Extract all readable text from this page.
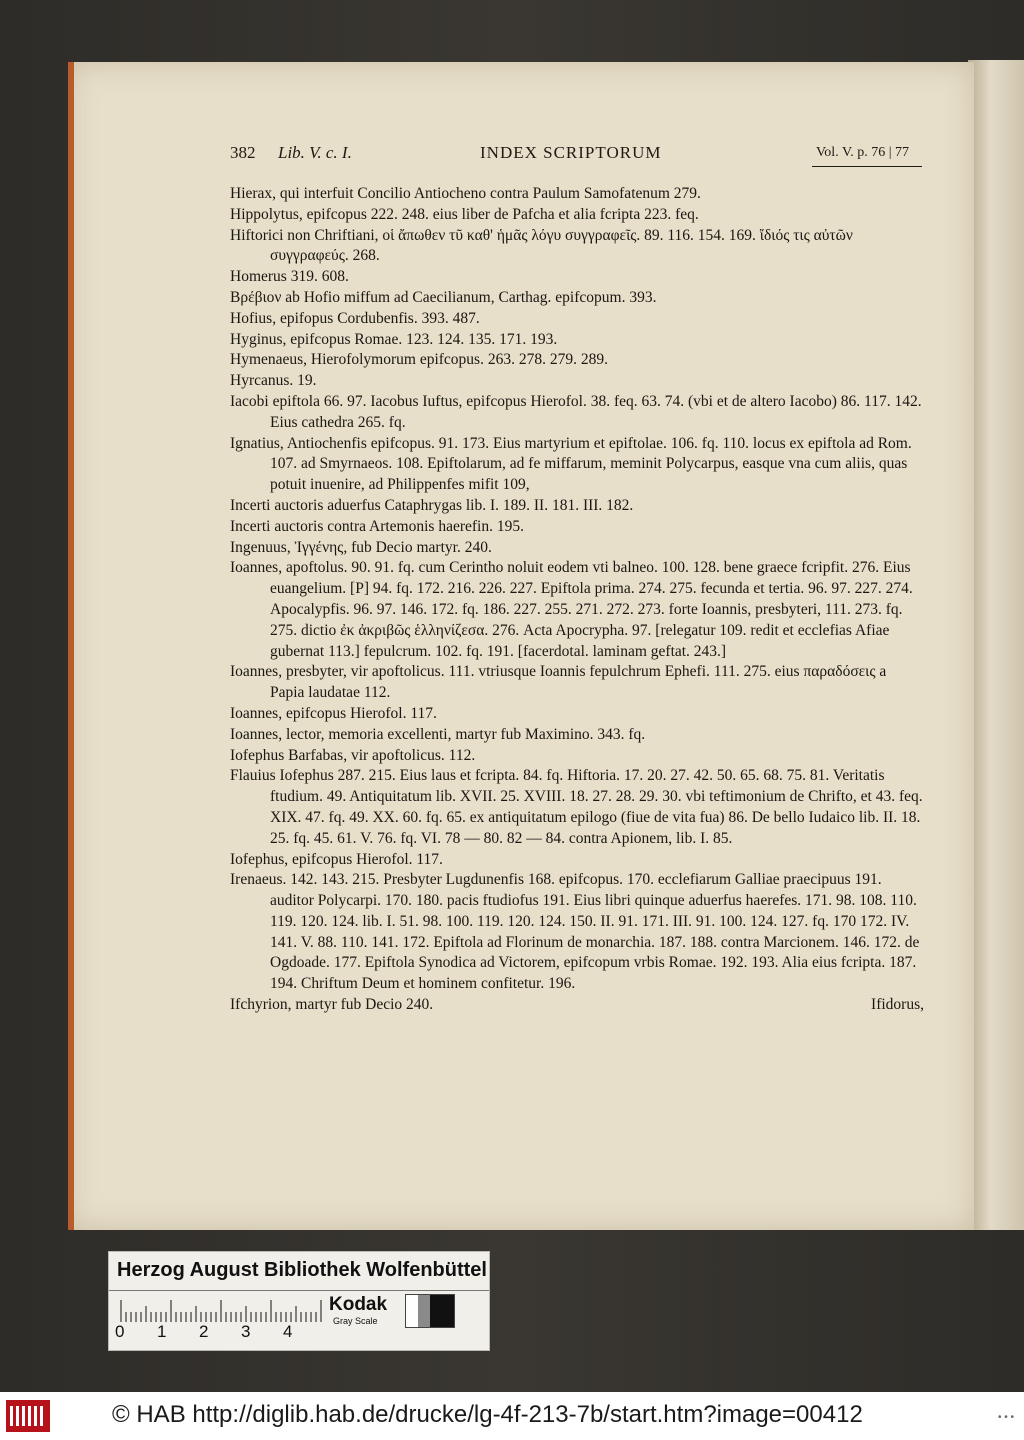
382 Lib. V. c. I.	INDEX SCRIPTORUM	Vol. V. p. 76 | 77

Hierax, qui interfuit Concilio Antiocheno contra Paulum Samofatenum 279.

Hippolytus, epifcopus 222. 248. eius liber de Pafcha et alia fcripta 223. feq.

Hiftorici non Chriftiani, οἱ ἄπωθεν τῦ καθ' ἡμᾶς λόγυ συγγραφεῖς. 89. 116. 154. 169. ἴδιός τις αὐτῶν συγγραφεύς. 268.

Homerus 319. 608.

Βρέβιον ab Hofio miffum ad Caecilianum, Carthag. epifcopum. 393.

Hofius, epifopus Cordubenfis. 393. 487.

Hyginus, epifcopus Romae. 123. 124. 135. 171. 193.

Hymenaeus, Hierofolymorum epifcopus. 263. 278. 279. 289.

Hyrcanus. 19.

Iacobi epiftola 66. 97. Iacobus Iuftus, epifcopus Hierofol. 38. feq. 63. 74. (vbi et de altero Iacobo) 86. 117. 142. Eius cathedra 265. fq.

Ignatius, Antiochenfis epifcopus. 91. 173. Eius martyrium et epiftolae. 106. fq. 110. locus ex epiftola ad Rom. 107. ad Smyrnaeos. 108. Epiftolarum, ad fe miffarum, meminit Polycarpus, easque vna cum aliis, quas potuit inuenire, ad Philippenfes mifit 109,

Incerti auctoris aduerfus Cataphrygas lib. I. 189. II. 181. III. 182.

Incerti auctoris contra Artemonis haerefin. 195.

Ingenuus, Ἰγγένης, fub Decio martyr. 240.

Ioannes, apoftolus. 90. 91. fq. cum Cerintho noluit eodem vti balneo. 100. 128. bene graece fcripfit. 276. Eius euangelium. [P] 94. fq. 172. 216. 226. 227. Epiftola prima. 274. 275. fecunda et tertia. 96. 97. 227. 274. Apocalypfis. 96. 97. 146. 172. fq. 186. 227. 255. 271. 272. 273. forte Ioannis, presbyteri, 111. 273. fq. 275. dictio ἐκ ἀκριβῶς ἑλληνίζεσα. 276. Acta Apocrypha. 97. [relegatur 109. redit et ecclefias Afiae gubernat 113.] fepulcrum. 102. fq. 191. [facerdotal. laminam geftat. 243.]

Ioannes, presbyter, vir apoftolicus. 111. vtriusque Ioannis fepulchrum Ephefi. 111. 275. eius παραδόσεις a Papia laudatae 112.

Ioannes, epifcopus Hierofol. 117.

Ioannes, lector, memoria excellenti, martyr fub Maximino. 343. fq.

Iofephus Barfabas, vir apoftolicus. 112.

Flauius Iofephus 287. 215. Eius laus et fcripta. 84. fq. Hiftoria. 17. 20. 27. 42. 50. 65. 68. 75. 81. Veritatis ftudium. 49. Antiquitatum lib. XVII. 25. XVIII. 18. 27. 28. 29. 30. vbi teftimonium de Chrifto, et 43. feq. XIX. 47. fq. 49. XX. 60. fq. 65. ex antiquitatum epilogo (fiue de vita fua) 86. De bello Iudaico lib. II. 18. 25. fq. 45. 61. V. 76. fq. VI. 78 — 80. 82 — 84. contra Apionem, lib. I. 85.

Iofephus, epifcopus Hierofol. 117.

Irenaeus. 142. 143. 215. Presbyter Lugdunenfis 168. epifcopus. 170. ecclefiarum Galliae praecipuus 191. auditor Polycarpi. 170. 180. pacis ftudiofus 191. Eius libri quinque aduerfus haerefes. 171. 98. 108. 110. 119. 120. 124. lib. I. 51. 98. 100. 119. 120. 124. 150. II. 91. 171. III. 91. 100. 124. 127. fq. 170 172. IV. 141. V. 88. 110. 141. 172. Epiftola ad Florinum de monarchia. 187. 188. contra Marcionem. 146. 172. de Ogdoade. 177. Epiftola Synodica ad Victorem, epifcopum vrbis Romae. 192. 193. Alia eius fcripta. 187. 194. Chriftum Deum et hominem confitetur. 196.

Ifchyrion, martyr fub Decio 240.	Ifidorus,
Herzog August Bibliothek Wolfenbüttel
0 1 2 3 4
Kodak
Gray Scale
© HAB http://diglib.hab.de/drucke/lg-4f-213-7b/start.htm?image=00412	• • •
